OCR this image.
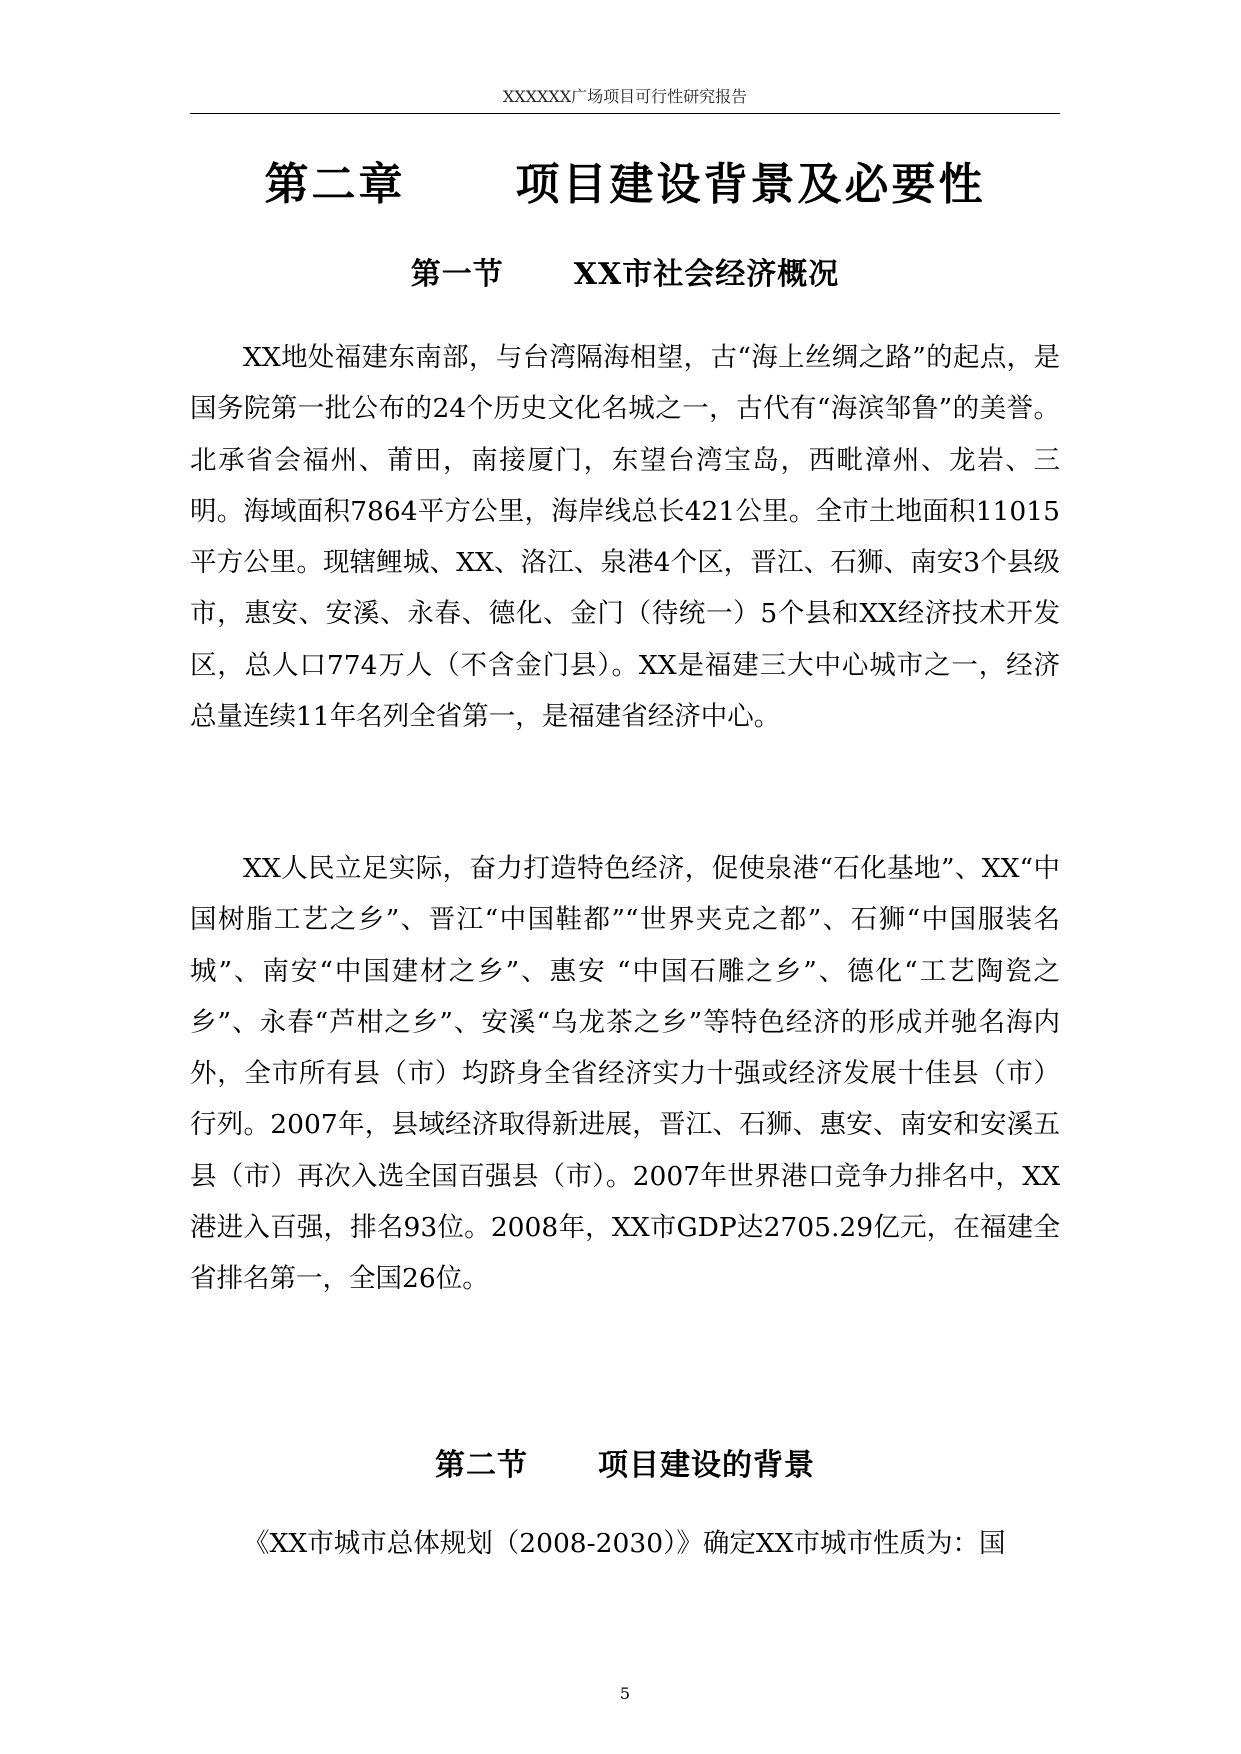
XXXXXX广场项目可行性研究报告
第二章	项目建设背景及必要性
第一节 XX市社会经济概况

XX地处福建东南部，与台湾隔海相望，古“海上丝绸之路”的起点，是国务院第一批公布的24个历史文化名城之一，古代有“海滨邹鲁”的美誉。北承省会福州、莆田，南接厦门，东望台湾宝岛，西毗漳州、龙岩、三明。海域面积7864平方公里，海岸线总长421公里。全市土地面积11015平方公里。现辖鲤城、XX、洛江、泉港4个区，晋江、石狮、南安3个县级市，惠安、安溪、永春、德化、金门（待统一）5个县和XX经济技术开发区，总人口774万人（不含金门县）。XX是福建三大中心城市之一，经济总量连续11年名列全省第一，是福建省经济中心。

XX人民立足实际，奋力打造特色经济，促使泉港“石化基地”、XX“中国树脂工艺之乡”、晋江“中国鞋都”“世界夹克之都”、石狮“中国服装名城”、南安“中国建材之乡”、惠安 “中国石雕之乡”、德化“工艺陶瓷之乡”、永春“芦柑之乡”、安溪“乌龙茶之乡”等特色经济的形成并驰名海内外，全市所有县（市）均跻身全省经济实力十强或经济发展十佳县（市）行列。2007年，县域经济取得新进展，晋江、石狮、惠安、南安和安溪五县（市）再次入选全国百强县（市）。2007年世界港口竞争力排名中，XX港进入百强，排名93位。2008年，XX市GDP达2705.29亿元，在福建全省排名第一，全国26位。

第二节 项目建设的背景

《XX市城市总体规划（2008-2030）》确定XX市城市性质为：国

5
